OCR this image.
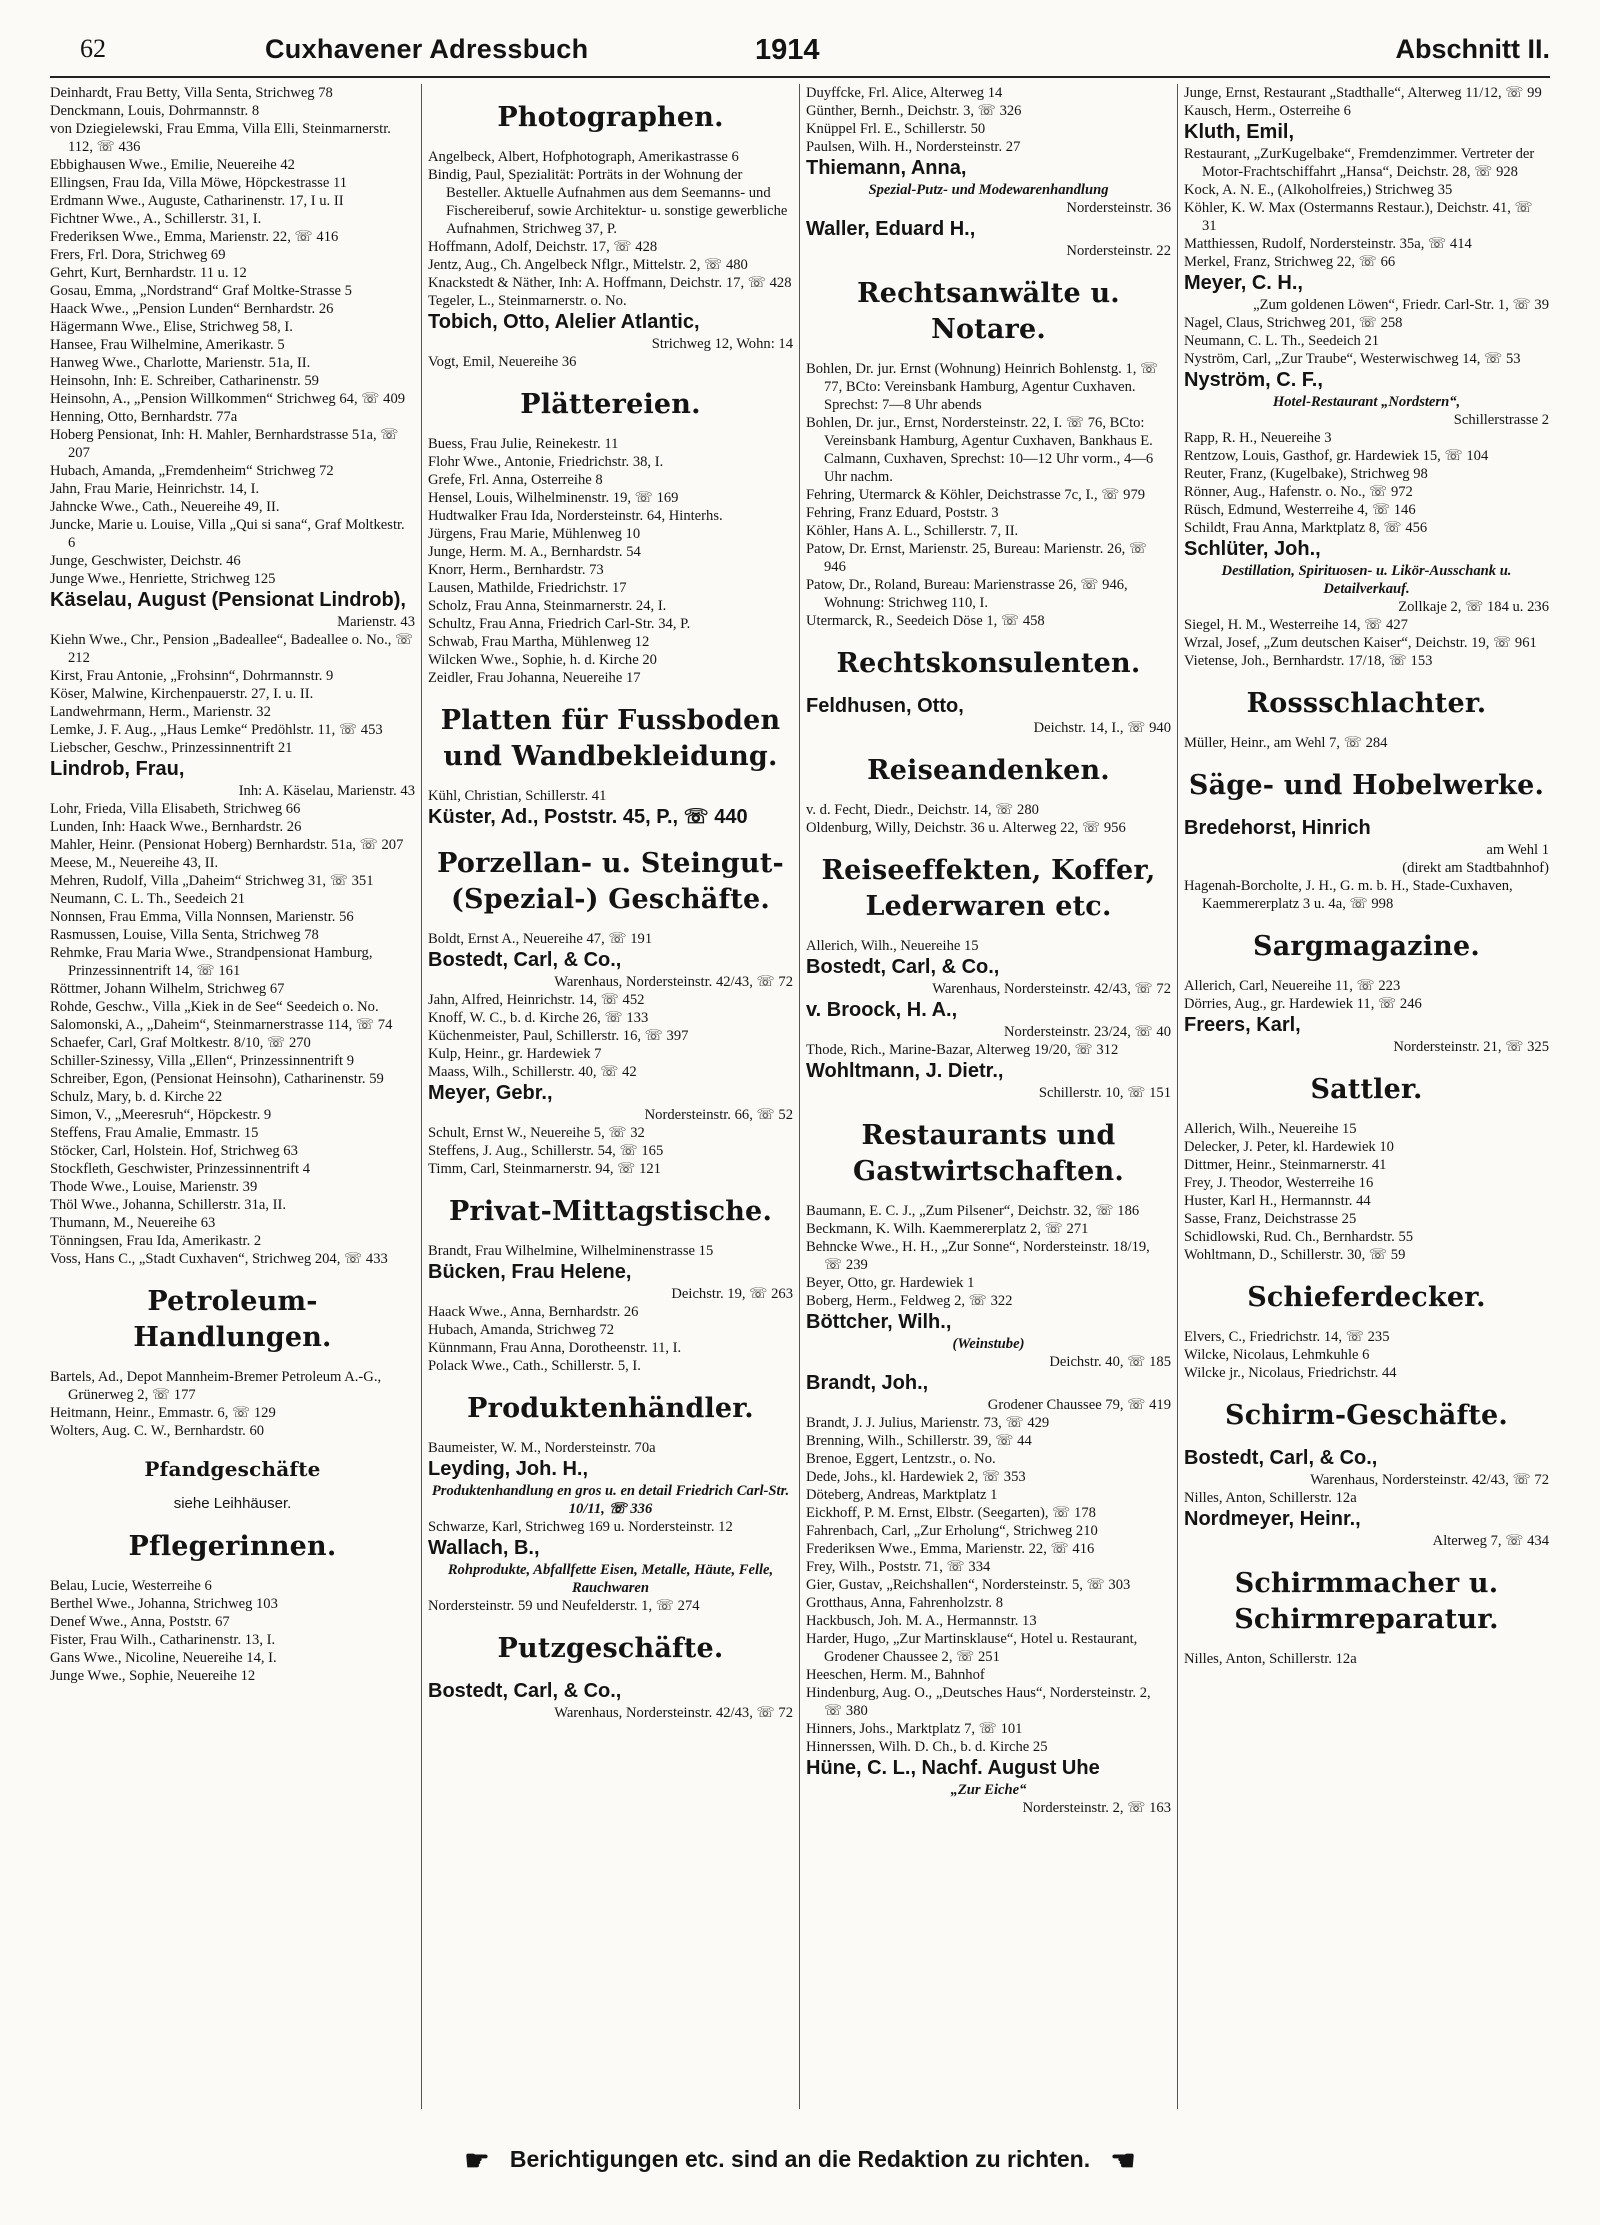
62	Cuxhavener Adressbuch	1914	Abschnitt II.

Deinhardt, Frau Betty, Villa Senta, Strichweg 78

Denckmann, Louis, Dohrmannstr. 8

von Dziegielewski, Frau Emma, Villa Elli, Steinmarnerstr. 112, ☏ 436

Ebbighausen Wwe., Emilie, Neuereihe 42

Ellingsen, Frau Ida, Villa Möwe, Höpckestrasse 11

Erdmann Wwe., Auguste, Catharinenstr. 17, I u. II

Fichtner Wwe., A., Schillerstr. 31, I.

Frederiksen Wwe., Emma, Marienstr. 22, ☏ 416

Frers, Frl. Dora, Strichweg 69

Gehrt, Kurt, Bernhardstr. 11 u. 12

Gosau, Emma, „Nordstrand“ Graf Moltke-Strasse 5

Haack Wwe., „Pension Lunden“ Bernhardstr. 26

Hägermann Wwe., Elise, Strichweg 58, I.

Hansee, Frau Wilhelmine, Amerikastr. 5

Hanweg Wwe., Charlotte, Marienstr. 51a, II.

Heinsohn, Inh: E. Schreiber, Catharinenstr. 59

Heinsohn, A., „Pension Willkommen“ Strichweg 64, ☏ 409

Henning, Otto, Bernhardstr. 77a

Hoberg Pensionat, Inh: H. Mahler, Bernhardstrasse 51a, ☏ 207

Hubach, Amanda, „Fremdenheim“ Strichweg 72

Jahn, Frau Marie, Heinrichstr. 14, I.

Jahncke Wwe., Cath., Neuereihe 49, II.

Juncke, Marie u. Louise, Villa „Qui si sana“, Graf Moltkestr. 6

Junge, Geschwister, Deichstr. 46

Junge Wwe., Henriette, Strichweg 125

Käselau, August (Pensionat Lindrob),

Marienstr. 43

Kiehn Wwe., Chr., Pension „Badeallee“, Badeallee o. No., ☏ 212

Kirst, Frau Antonie, „Frohsinn“, Dohrmannstr. 9

Köser, Malwine, Kirchenpauerstr. 27, I. u. II.

Landwehrmann, Herm., Marienstr. 32

Lemke, J. F. Aug., „Haus Lemke“ Predöhlstr. 11, ☏ 453

Liebscher, Geschw., Prinzessinnentrift 21

Lindrob, Frau,

Inh: A. Käselau, Marienstr. 43

Lohr, Frieda, Villa Elisabeth, Strichweg 66

Lunden, Inh: Haack Wwe., Bernhardstr. 26

Mahler, Heinr. (Pensionat Hoberg) Bernhardstr. 51a, ☏ 207

Meese, M., Neuereihe 43, II.

Mehren, Rudolf, Villa „Daheim“ Strichweg 31, ☏ 351

Neumann, C. L. Th., Seedeich 21

Nonnsen, Frau Emma, Villa Nonnsen, Marienstr. 56

Rasmussen, Louise, Villa Senta, Strichweg 78

Rehmke, Frau Maria Wwe., Strandpensionat Hamburg, Prinzessinnentrift 14, ☏ 161

Röttmer, Johann Wilhelm, Strichweg 67

Rohde, Geschw., Villa „Kiek in de See“ Seedeich o. No.

Salomonski, A., „Daheim“, Steinmarnerstrasse 114, ☏ 74

Schaefer, Carl, Graf Moltkestr. 8/10, ☏ 270

Schiller-Szinessy, Villa „Ellen“, Prinzessinnentrift 9

Schreiber, Egon, (Pensionat Heinsohn), Catharinenstr. 59

Schulz, Mary, b. d. Kirche 22

Simon, V., „Meeresruh“, Höpckestr. 9

Steffens, Frau Amalie, Emmastr. 15

Stöcker, Carl, Holstein. Hof, Strichweg 63

Stockfleth, Geschwister, Prinzessinnentrift 4

Thode Wwe., Louise, Marienstr. 39

Thöl Wwe., Johanna, Schillerstr. 31a, II.

Thumann, M., Neuereihe 63

Tönningsen, Frau Ida, Amerikastr. 2

Voss, Hans C., „Stadt Cuxhaven“, Strichweg 204, ☏ 433

Petroleum-Handlungen.

Bartels, Ad., Depot Mannheim-Bremer Petroleum A.-G., Grünerweg 2, ☏ 177

Heitmann, Heinr., Emmastr. 6, ☏ 129

Wolters, Aug. C. W., Bernhardstr. 60

Pfandgeschäfte
siehe Leihhäuser.
Pflegerinnen.

Belau, Lucie, Westerreihe 6

Berthel Wwe., Johanna, Strichweg 103

Denef Wwe., Anna, Poststr. 67

Fister, Frau Wilh., Catharinenstr. 13, I.

Gans Wwe., Nicoline, Neuereihe 14, I.

Junge Wwe., Sophie, Neuereihe 12

Photographen.

Angelbeck, Albert, Hofphotograph, Amerikastrasse 6

Bindig, Paul, Spezialität: Porträts in der Wohnung der Besteller. Aktuelle Aufnahmen aus dem Seemanns- und Fischereiberuf, sowie Architektur- u. sonstige gewerbliche Aufnahmen, Strichweg 37, P.

Hoffmann, Adolf, Deichstr. 17, ☏ 428

Jentz, Aug., Ch. Angelbeck Nflgr., Mittelstr. 2, ☏ 480

Knackstedt & Näther, Inh: A. Hoffmann, Deichstr. 17, ☏ 428

Tegeler, L., Steinmarnerstr. o. No.

Tobich, Otto, Alelier Atlantic,

Strichweg 12, Wohn: 14

Vogt, Emil, Neuereihe 36

Plättereien.

Buess, Frau Julie, Reinekestr. 11

Flohr Wwe., Antonie, Friedrichstr. 38, I.

Grefe, Frl. Anna, Osterreihe 8

Hensel, Louis, Wilhelminenstr. 19, ☏ 169

Hudtwalker Frau Ida, Nordersteinstr. 64, Hinterhs.

Jürgens, Frau Marie, Mühlenweg 10

Junge, Herm. M. A., Bernhardstr. 54

Knorr, Herm., Bernhardstr. 73

Lausen, Mathilde, Friedrichstr. 17

Scholz, Frau Anna, Steinmarnerstr. 24, I.

Schultz, Frau Anna, Friedrich Carl-Str. 34, P.

Schwab, Frau Martha, Mühlenweg 12

Wilcken Wwe., Sophie, h. d. Kirche 20

Zeidler, Frau Johanna, Neuereihe 17

Platten für Fussboden und Wandbekleidung.

Kühl, Christian, Schillerstr. 41

Küster, Ad., Poststr. 45, P., ☏ 440

Porzellan- u. Steingut- (Spezial-) Geschäfte.

Boldt, Ernst A., Neuereihe 47, ☏ 191

Bostedt, Carl, & Co.,

Warenhaus, Nordersteinstr. 42/43, ☏ 72

Jahn, Alfred, Heinrichstr. 14, ☏ 452

Knoff, W. C., b. d. Kirche 26, ☏ 133

Küchenmeister, Paul, Schillerstr. 16, ☏ 397

Kulp, Heinr., gr. Hardewiek 7

Maass, Wilh., Schillerstr. 40, ☏ 42

Meyer, Gebr.,

Nordersteinstr. 66, ☏ 52

Schult, Ernst W., Neuereihe 5, ☏ 32

Steffens, J. Aug., Schillerstr. 54, ☏ 165

Timm, Carl, Steinmarnerstr. 94, ☏ 121

Privat-Mittagstische.

Brandt, Frau Wilhelmine, Wilhelminenstrasse 15

Bücken, Frau Helene,

Deichstr. 19, ☏ 263

Haack Wwe., Anna, Bernhardstr. 26

Hubach, Amanda, Strichweg 72

Künnmann, Frau Anna, Dorotheenstr. 11, I.

Polack Wwe., Cath., Schillerstr. 5, I.

Produktenhändler.

Baumeister, W. M., Nordersteinstr. 70a

Leyding, Joh. H.,

Produktenhandlung en gros u. en detail Friedrich Carl-Str. 10/11, ☏ 336

Schwarze, Karl, Strichweg 169 u. Nordersteinstr. 12

Wallach, B.,

Rohprodukte, Abfallfette Eisen, Metalle, Häute, Felle, Rauchwaren

Nordersteinstr. 59 und Neufelderstr. 1, ☏ 274

Putzgeschäfte.

Bostedt, Carl, & Co.,

Warenhaus, Nordersteinstr. 42/43, ☏ 72

Duyffcke, Frl. Alice, Alterweg 14

Günther, Bernh., Deichstr. 3, ☏ 326

Knüppel Frl. E., Schillerstr. 50

Paulsen, Wilh. H., Nordersteinstr. 27

Thiemann, Anna,

Spezial-Putz- und Modewarenhandlung

Nordersteinstr. 36

Waller, Eduard H.,

Nordersteinstr. 22

Rechtsanwälte u. Notare.

Bohlen, Dr. jur. Ernst (Wohnung) Heinrich Bohlenstg. 1, ☏ 77, BCto: Vereinsbank Hamburg, Agentur Cuxhaven. Sprechst: 7—8 Uhr abends

Bohlen, Dr. jur., Ernst, Nordersteinstr. 22, I. ☏ 76, BCto: Vereinsbank Hamburg, Agentur Cuxhaven, Bankhaus E. Calmann, Cuxhaven, Sprechst: 10—12 Uhr vorm., 4—6 Uhr nachm.

Fehring, Utermarck & Köhler, Deichstrasse 7c, I., ☏ 979

Fehring, Franz Eduard, Poststr. 3

Köhler, Hans A. L., Schillerstr. 7, II.

Patow, Dr. Ernst, Marienstr. 25, Bureau: Marienstr. 26, ☏ 946

Patow, Dr., Roland, Bureau: Marienstrasse 26, ☏ 946, Wohnung: Strichweg 110, I.

Utermarck, R., Seedeich Döse 1, ☏ 458

Rechtskonsulenten.

Feldhusen, Otto,

Deichstr. 14, I., ☏ 940

Reiseandenken.

v. d. Fecht, Diedr., Deichstr. 14, ☏ 280

Oldenburg, Willy, Deichstr. 36 u. Alterweg 22, ☏ 956

Reiseeffekten, Koffer, Lederwaren etc.

Allerich, Wilh., Neuereihe 15

Bostedt, Carl, & Co.,

Warenhaus, Nordersteinstr. 42/43, ☏ 72

v. Broock, H. A.,

Nordersteinstr. 23/24, ☏ 40

Thode, Rich., Marine-Bazar, Alterweg 19/20, ☏ 312

Wohltmann, J. Dietr.,

Schillerstr. 10, ☏ 151

Restaurants und Gastwirtschaften.

Baumann, E. C. J., „Zum Pilsener“, Deichstr. 32, ☏ 186

Beckmann, K. Wilh. Kaemmererplatz 2, ☏ 271

Behncke Wwe., H. H., „Zur Sonne“, Nordersteinstr. 18/19, ☏ 239

Beyer, Otto, gr. Hardewiek 1

Boberg, Herm., Feldweg 2, ☏ 322

Böttcher, Wilh.,

(Weinstube)

Deichstr. 40, ☏ 185

Brandt, Joh.,

Grodener Chaussee 79, ☏ 419

Brandt, J. J. Julius, Marienstr. 73, ☏ 429

Brenning, Wilh., Schillerstr. 39, ☏ 44

Brenoe, Eggert, Lentzstr., o. No.

Dede, Johs., kl. Hardewiek 2, ☏ 353

Döteberg, Andreas, Marktplatz 1

Eickhoff, P. M. Ernst, Elbstr. (Seegarten), ☏ 178

Fahrenbach, Carl, „Zur Erholung“, Strichweg 210

Frederiksen Wwe., Emma, Marienstr. 22, ☏ 416

Frey, Wilh., Poststr. 71, ☏ 334

Gier, Gustav, „Reichshallen“, Nordersteinstr. 5, ☏ 303

Grotthaus, Anna, Fahrenholzstr. 8

Hackbusch, Joh. M. A., Hermannstr. 13

Harder, Hugo, „Zur Martinsklause“, Hotel u. Restaurant, Grodener Chaussee 2, ☏ 251

Heeschen, Herm. M., Bahnhof

Hindenburg, Aug. O., „Deutsches Haus“, Nordersteinstr. 2, ☏ 380

Hinners, Johs., Marktplatz 7, ☏ 101

Hinnerssen, Wilh. D. Ch., b. d. Kirche 25

Hüne, C. L., Nachf. August Uhe

„Zur Eiche“

Nordersteinstr. 2, ☏ 163

Junge, Ernst, Restaurant „Stadthalle“, Alterweg 11/12, ☏ 99

Kausch, Herm., Osterreihe 6

Kluth, Emil,

Restaurant, „ZurKugelbake“, Fremdenzimmer. Vertreter der Motor-Frachtschiffahrt „Hansa“, Deichstr. 28, ☏ 928

Kock, A. N. E., (Alkoholfreies,) Strichweg 35

Köhler, K. W. Max (Ostermanns Restaur.), Deichstr. 41, ☏ 31

Matthiessen, Rudolf, Nordersteinstr. 35a, ☏ 414

Merkel, Franz, Strichweg 22, ☏ 66

Meyer, C. H.,

„Zum goldenen Löwen“, Friedr. Carl-Str. 1, ☏ 39

Nagel, Claus, Strichweg 201, ☏ 258

Neumann, C. L. Th., Seedeich 21

Nyström, Carl, „Zur Traube“, Westerwischweg 14, ☏ 53

Nyström, C. F.,

Hotel-Restaurant „Nordstern“,

Schillerstrasse 2

Rapp, R. H., Neuereihe 3

Rentzow, Louis, Gasthof, gr. Hardewiek 15, ☏ 104

Reuter, Franz, (Kugelbake), Strichweg 98

Rönner, Aug., Hafenstr. o. No., ☏ 972

Rüsch, Edmund, Westerreihe 4, ☏ 146

Schildt, Frau Anna, Marktplatz 8, ☏ 456

Schlüter, Joh.,

Destillation, Spirituosen- u. Likör-Ausschank u. Detailverkauf.

Zollkaje 2, ☏ 184 u. 236

Siegel, H. M., Westerreihe 14, ☏ 427

Wrzal, Josef, „Zum deutschen Kaiser“, Deichstr. 19, ☏ 961

Vietense, Joh., Bernhardstr. 17/18, ☏ 153

Rossschlachter.

Müller, Heinr., am Wehl 7, ☏ 284

Säge- und Hobelwerke.

Bredehorst, Hinrich

am Wehl 1

(direkt am Stadtbahnhof)

Hagenah-Borcholte, J. H., G. m. b. H., Stade-Cuxhaven, Kaemmererplatz 3 u. 4a, ☏ 998

Sargmagazine.

Allerich, Carl, Neuereihe 11, ☏ 223

Dörries, Aug., gr. Hardewiek 11, ☏ 246

Freers, Karl,

Nordersteinstr. 21, ☏ 325

Sattler.

Allerich, Wilh., Neuereihe 15

Delecker, J. Peter, kl. Hardewiek 10

Dittmer, Heinr., Steinmarnerstr. 41

Frey, J. Theodor, Westerreihe 16

Huster, Karl H., Hermannstr. 44

Sasse, Franz, Deichstrasse 25

Schidlowski, Rud. Ch., Bernhardstr. 55

Wohltmann, D., Schillerstr. 30, ☏ 59

Schieferdecker.

Elvers, C., Friedrichstr. 14, ☏ 235

Wilcke, Nicolaus, Lehmkuhle 6

Wilcke jr., Nicolaus, Friedrichstr. 44

Schirm-Geschäfte.

Bostedt, Carl, & Co.,

Warenhaus, Nordersteinstr. 42/43, ☏ 72

Nilles, Anton, Schillerstr. 12a

Nordmeyer, Heinr.,

Alterweg 7, ☏ 434

Schirmmacher u. Schirmreparatur.

Nilles, Anton, Schillerstr. 12a

☛ Berichtigungen etc. sind an die Redaktion zu richten. ☚
